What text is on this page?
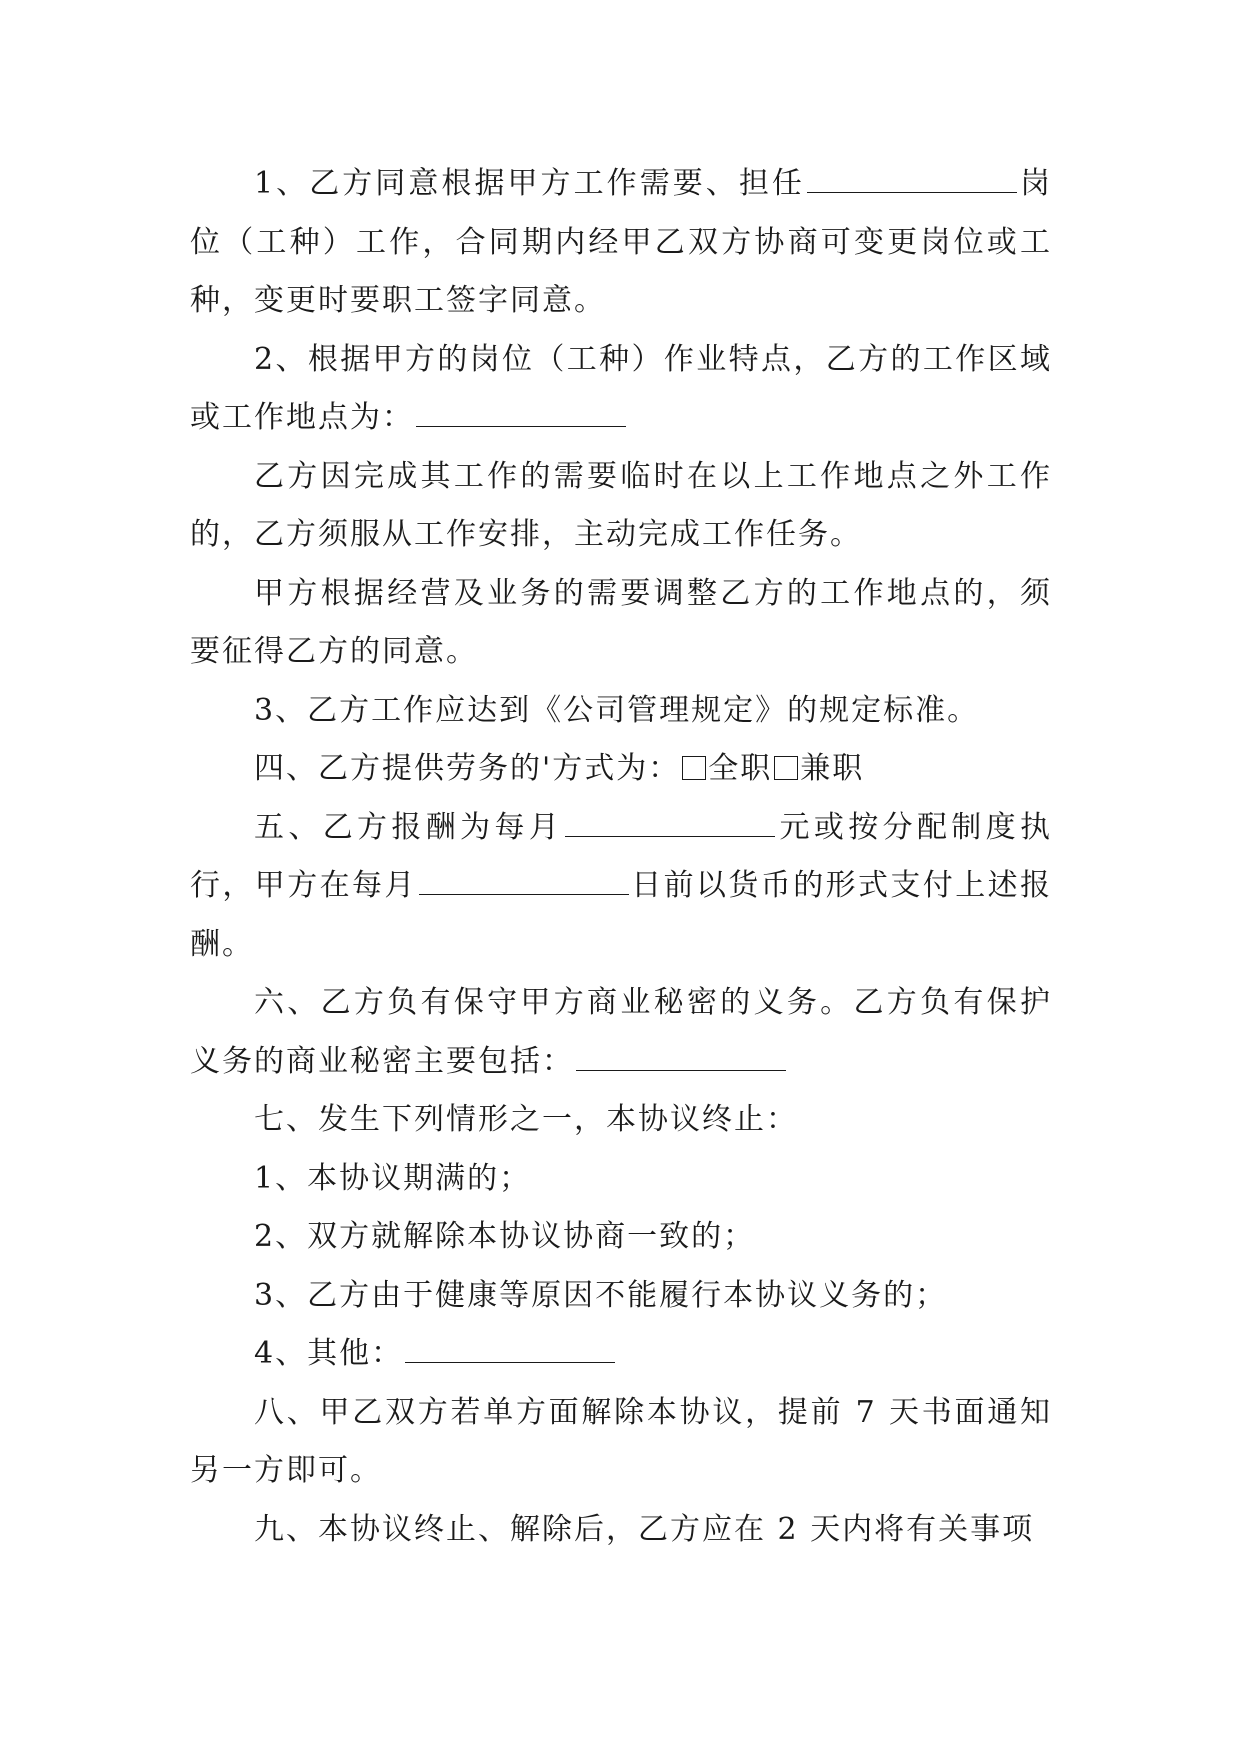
1、乙方同意根据甲方工作需要、担任	岗位（工种）工作，合同期内经甲乙双方协商可变更岗位或工种，变更时要职工签字同意。

2、根据甲方的岗位（工种）作业特点，乙方的工作区域或工作地点为：

乙方因完成其工作的需要临时在以上工作地点之外工作的，乙方须服从工作安排，主动完成工作任务。

甲方根据经营及业务的需要调整乙方的工作地点的，须要征得乙方的同意。

3、乙方工作应达到《公司管理规定》的规定标准。

四、乙方提供劳务的'方式为： 全职 兼职

五、乙方报酬为每月	元或按分配制度执行，甲方在每月	日前以货币的形式支付上述报酬。

六、乙方负有保守甲方商业秘密的义务。乙方负有保护义务的商业秘密主要包括：

七、发生下列情形之一，本协议终止：

1、本协议期满的；

2、双方就解除本协议协商一致的；

3、乙方由于健康等原因不能履行本协议义务的；

4、其他：

八、甲乙双方若单方面解除本协议，提前 7 天书面通知另一方即可。

九、本协议终止、解除后，乙方应在 2 天内将有关事项
